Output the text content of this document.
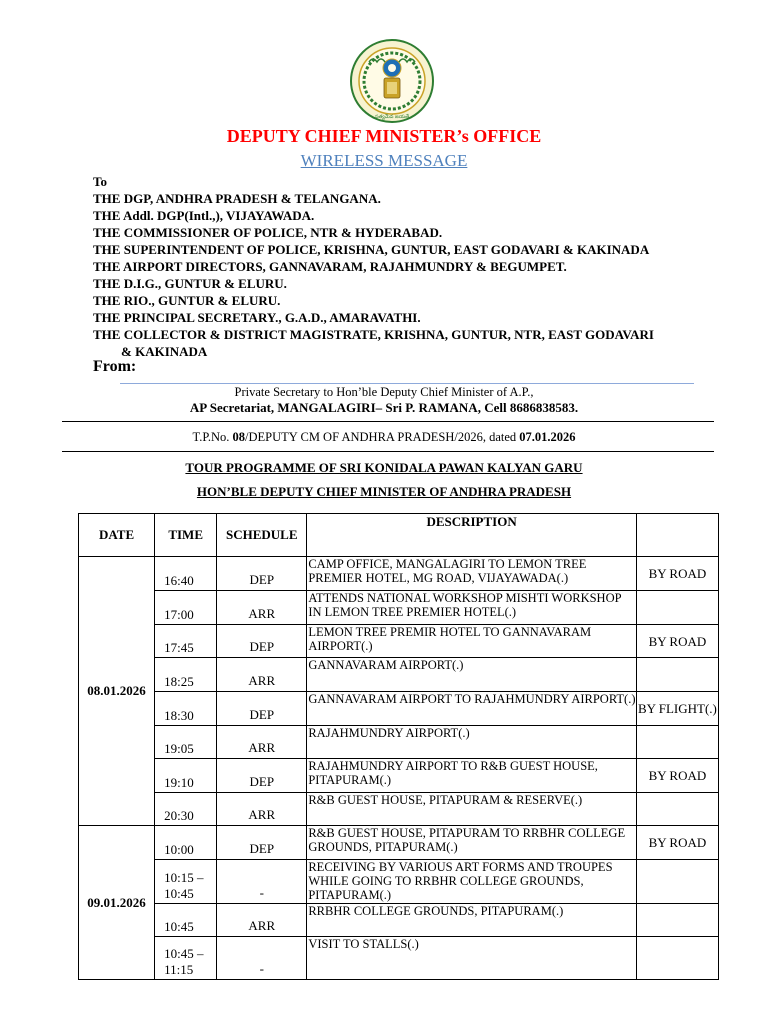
సత్యమేవ జయతే
DEPUTY CHIEF MINISTER’s OFFICE
WIRELESS MESSAGE
To
THE DGP, ANDHRA PRADESH & TELANGANA.
THE Addl. DGP(Intl.,), VIJAYAWADA.
THE COMMISSIONER OF POLICE, NTR & HYDERABAD.
THE SUPERINTENDENT OF POLICE, KRISHNA, GUNTUR, EAST GODAVARI & KAKINADA
THE AIRPORT DIRECTORS, GANNAVARAM, RAJAHMUNDRY & BEGUMPET.
THE D.I.G., GUNTUR & ELURU.
THE RIO., GUNTUR & ELURU.
THE PRINCIPAL SECRETARY., G.A.D., AMARAVATHI.
THE COLLECTOR & DISTRICT MAGISTRATE, KRISHNA, GUNTUR, NTR, EAST GODAVARI
& KAKINADA
From:
Private Secretary to Hon’ble Deputy Chief Minister of A.P.,
AP Secretariat, MANGALAGIRI– Sri P. RAMANA, Cell 8686838583.
T.P.No. 08/DEPUTY CM OF ANDHRA PRADESH/2026, dated 07.01.2026
TOUR PROGRAMME OF SRI KONIDALA PAWAN KALYAN GARU
HON’BLE DEPUTY CHIEF MINISTER OF ANDHRA PRADESH
DATE	TIME	SCHEDULE	DESCRIPTION	
08.01.2026	16:40	DEP	CAMP OFFICE, MANGALAGIRI TO LEMON TREE PREMIER HOTEL, MG ROAD, VIJAYAWADA(.)	BY ROAD
	17:00	ARR	ATTENDS NATIONAL WORKSHOP MISHTI WORKSHOP IN LEMON TREE PREMIER HOTEL(.)	
	17:45	DEP	LEMON TREE PREMIR HOTEL TO GANNAVARAM AIRPORT(.)	BY ROAD
	18:25	ARR	GANNAVARAM AIRPORT(.)	
	18:30	DEP	GANNAVARAM AIRPORT TO RAJAHMUNDRY AIRPORT(.)	BY FLIGHT(.)
	19:05	ARR	RAJAHMUNDRY AIRPORT(.)	
	19:10	DEP	RAJAHMUNDRY AIRPORT TO R&B GUEST HOUSE, PITAPURAM(.)	BY ROAD
	20:30	ARR	R&B GUEST HOUSE, PITAPURAM & RESERVE(.)	
09.01.2026	10:00	DEP	R&B GUEST HOUSE, PITAPURAM TO RRBHR COLLEGE GROUNDS, PITAPURAM(.)	BY ROAD
	10:15 – 10:45	-	RECEIVING BY VARIOUS ART FORMS AND TROUPES WHILE GOING TO RRBHR COLLEGE GROUNDS, PITAPURAM(.)	
	10:45	ARR	RRBHR COLLEGE GROUNDS, PITAPURAM(.)	
	10:45 – 11:15	-	VISIT TO STALLS(.)	
